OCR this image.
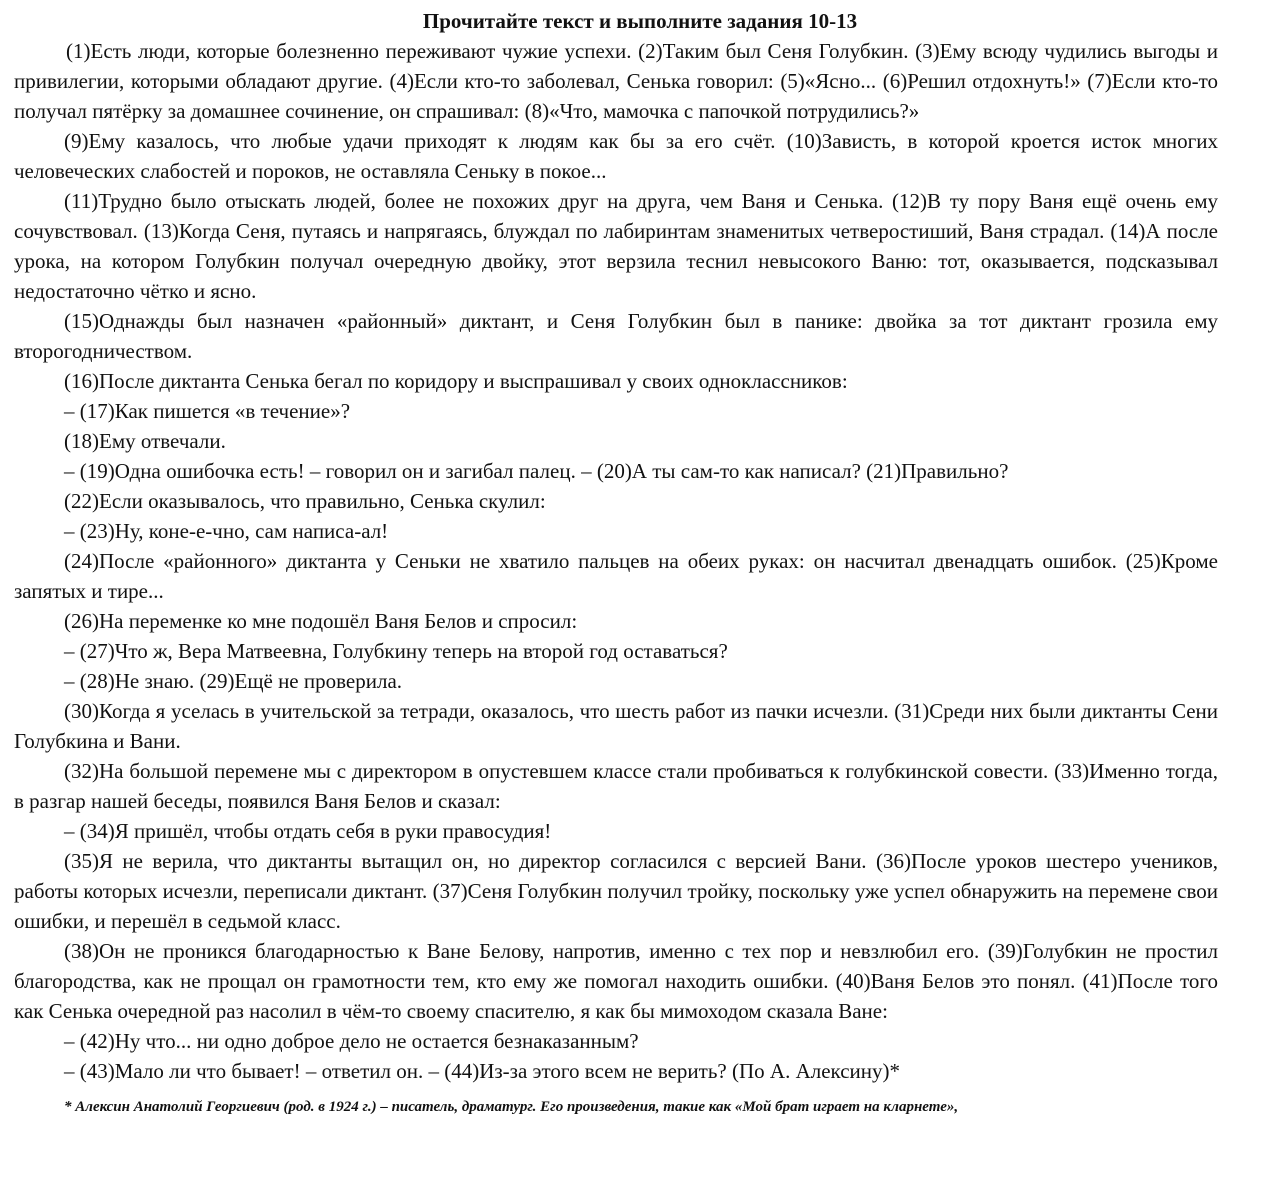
Прочитайте текст и выполните задания 10-13

(1)Есть люди, которые болезненно переживают чужие успехи. (2)Таким был Сеня Голубкин. (3)Ему всюду чудились выгоды и привилегии, которыми обладают другие. (4)Если кто-то заболевал, Сенька говорил: (5)«Ясно... (6)Решил отдохнуть!» (7)Если кто-то получал пятёрку за домашнее сочинение, он спрашивал: (8)«Что, мамочка с папочкой потрудились?»

(9)Ему казалось, что любые удачи приходят к людям как бы за его счёт. (10)Зависть, в которой кроется исток многих человеческих слабостей и пороков, не оставляла Сеньку в покое...

(11)Трудно было отыскать людей, более не похожих друг на друга, чем Ваня и Сенька. (12)В ту пору Ваня ещё очень ему сочувствовал. (13)Когда Сеня, путаясь и напрягаясь, блуждал по лабиринтам знаменитых четверостиший, Ваня страдал. (14)А после урока, на котором Голубкин получал очередную двойку, этот верзила теснил невысокого Ваню: тот, оказывается, подсказывал недостаточно чётко и ясно.

(15)Однажды был назначен «районный» диктант, и Сеня Голубкин был в панике: двойка за тот диктант грозила ему второгодничеством.

(16)После диктанта Сенька бегал по коридору и выспрашивал у своих одноклассников:

– (17)Как пишется «в течение»?

(18)Ему отвечали.

– (19)Одна ошибочка есть! – говорил он и загибал палец. – (20)А ты сам-то как написал? (21)Правильно?

(22)Если оказывалось, что правильно, Сенька скулил:

– (23)Ну, коне-е-чно, сам написа-ал!

(24)После «районного» диктанта у Сеньки не хватило пальцев на обеих руках: он насчитал двенадцать ошибок. (25)Кроме запятых и тире...

(26)На переменке ко мне подошёл Ваня Белов и спросил:

– (27)Что ж, Вера Матвеевна, Голубкину теперь на второй год оставаться?

– (28)Не знаю. (29)Ещё не проверила.

(30)Когда я уселась в учительской за тетради, оказалось, что шесть работ из пачки исчезли. (31)Среди них были диктанты Сени Голубкина и Вани.

(32)На большой перемене мы с директором в опустевшем классе стали пробиваться к голубкинской совести. (33)Именно тогда, в разгар нашей беседы, появился Ваня Белов и сказал:

– (34)Я пришёл, чтобы отдать себя в руки правосудия!

(35)Я не верила, что диктанты вытащил он, но директор согласился с версией Вани. (36)После уроков шестеро учеников, работы которых исчезли, переписали диктант. (37)Сеня Голубкин получил тройку, поскольку уже успел обнаружить на перемене свои ошибки, и перешёл в седьмой класс.

(38)Он не проникся благодарностью к Ване Белову, напротив, именно с тех пор и невзлюбил его. (39)Голубкин не простил благородства, как не прощал он грамотности тем, кто ему же помогал находить ошибки. (40)Ваня Белов это понял. (41)После того как Сенька очередной раз насолил в чём-то своему спасителю, я как бы мимоходом сказала Ване:

– (42)Ну что... ни одно доброе дело не остается безнаказанным?

– (43)Мало ли что бывает! – ответил он. – (44)Из-за этого всем не верить? (По А. Алексину)*

* Алексин Анатолий Георгиевич (род. в 1924 г.) – писатель, драматург. Его произведения, такие как «Мой брат играет на кларнете»,
